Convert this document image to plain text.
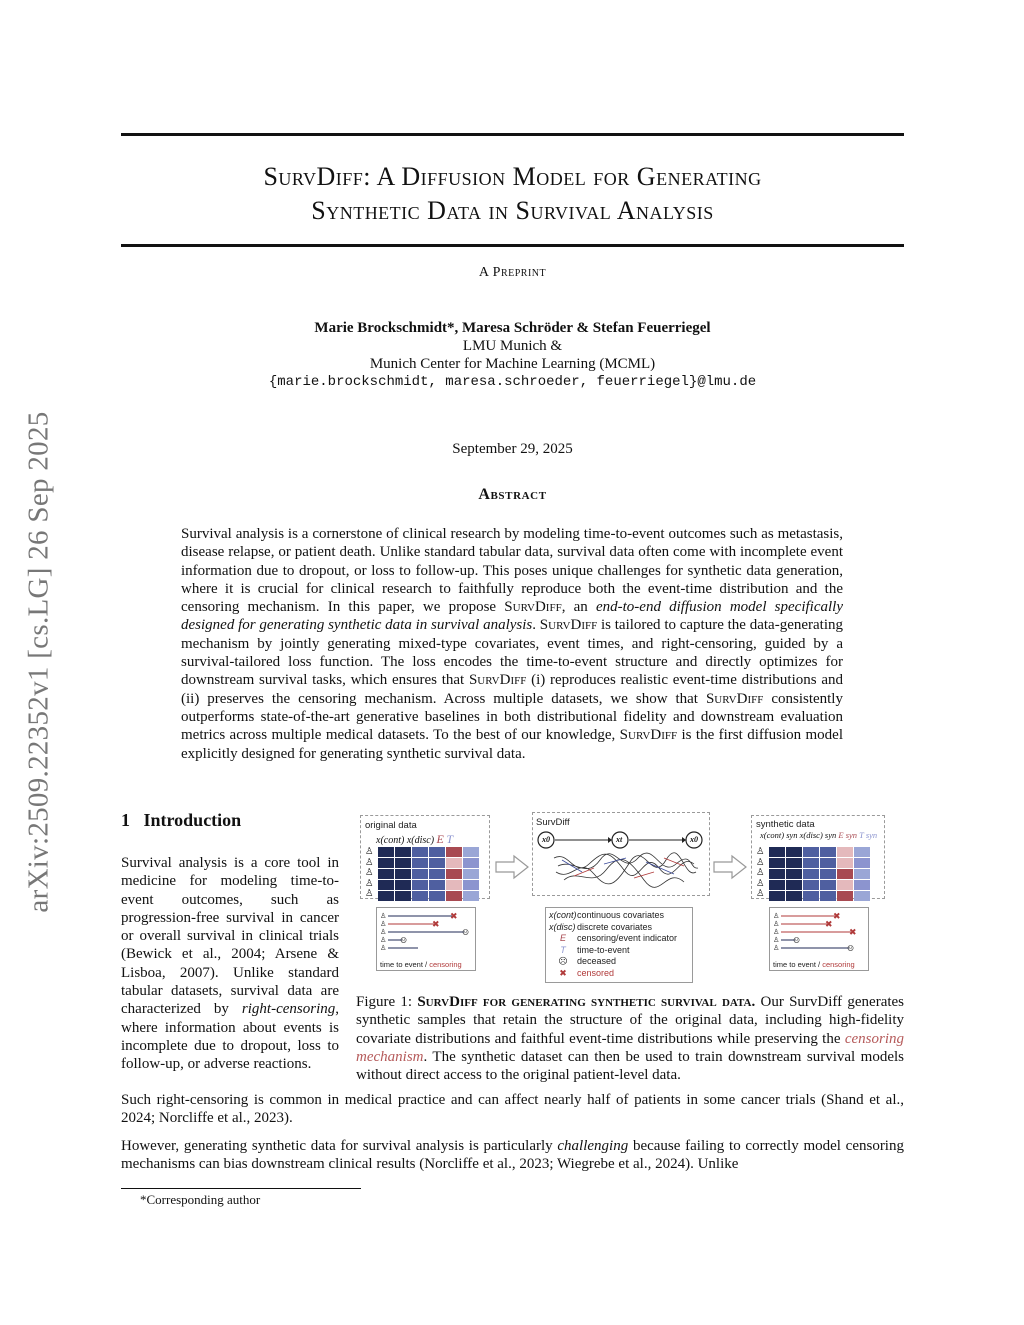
arXiv:2509.22352v1 [cs.LG] 26 Sep 2025
SurvDiff: A Diffusion Model for Generating
Synthetic Data in Survival Analysis
A Preprint
Marie Brockschmidt*, Maresa Schröder & Stefan Feuerriegel
LMU Munich &
Munich Center for Machine Learning (MCML)
{marie.brockschmidt, maresa.schroeder, feuerriegel}@lmu.de
September 29, 2025
Abstract
Survival analysis is a cornerstone of clinical research by modeling time-to-event outcomes such as metastasis, disease relapse, or patient death. Unlike standard tabular data, survival data often come with incomplete event information due to dropout, or loss to follow-up. This poses unique challenges for synthetic data generation, where it is crucial for clinical research to faithfully reproduce both the event-time distribution and the censoring mechanism. In this paper, we propose SurvDiff, an end-to-end diffusion model specifically designed for generating synthetic data in survival analysis. SurvDiff is tailored to capture the data-generating mechanism by jointly generating mixed-type covariates, event times, and right-censoring, guided by a survival-tailored loss function. The loss encodes the time-to-event structure and directly optimizes for downstream survival tasks, which ensures that SurvDiff (i) reproduces realistic event-time distributions and (ii) preserves the censoring mechanism. Across multiple datasets, we show that SurvDiff consistently outperforms state-of-the-art generative baselines in both distributional fidelity and downstream evaluation metrics across multiple medical datasets. To the best of our knowledge, SurvDiff is the first diffusion model explicitly designed for generating synthetic survival data.
1 Introduction
Survival analysis is a core tool in medicine for modeling time-to-event outcomes, such as progression-free survival in cancer or overall survival in clinical trials (Bewick et al., 2004; Arsene & Lisboa, 2007). Unlike standard tabular datasets, survival data are characterized by right-censoring, where information about events is incomplete due to dropout, loss to follow-up, or adverse reactions.
original data
x(cont) x(disc) E T
♙
♙
♙
♙
♙
SurvDiff
x0	xt	x0
synthetic data
x(cont) syn x(disc) syn E syn T syn
♙
♙
♙
♙
♙
♙
♙
♙
♙
♙
✖
✖
☹
☹
time to event / censoring
x(cont)continuous covariates
x(disc) discrete covariates
E censoring/event indicator
T time-to-event
☹ deceased
✖ censored
♙
♙
♙
♙
♙
✖
✖
✖
☹
☹
time to event / censoring
Figure 1: SurvDiff for generating synthetic survival data. Our SurvDiff generates synthetic samples that retain the structure of the original data, including high-fidelity covariate distributions and faithful event-time distributions while preserving the censoring mechanism. The synthetic dataset can then be used to train downstream survival models without direct access to the original patient-level data.
Such right-censoring is common in medical practice and can affect nearly half of patients in some cancer trials (Shand et al., 2024; Norcliffe et al., 2023).
However, generating synthetic data for survival analysis is particularly challenging because failing to correctly model censoring mechanisms can bias downstream clinical results (Norcliffe et al., 2023; Wiegrebe et al., 2024). Unlike
*Corresponding author
